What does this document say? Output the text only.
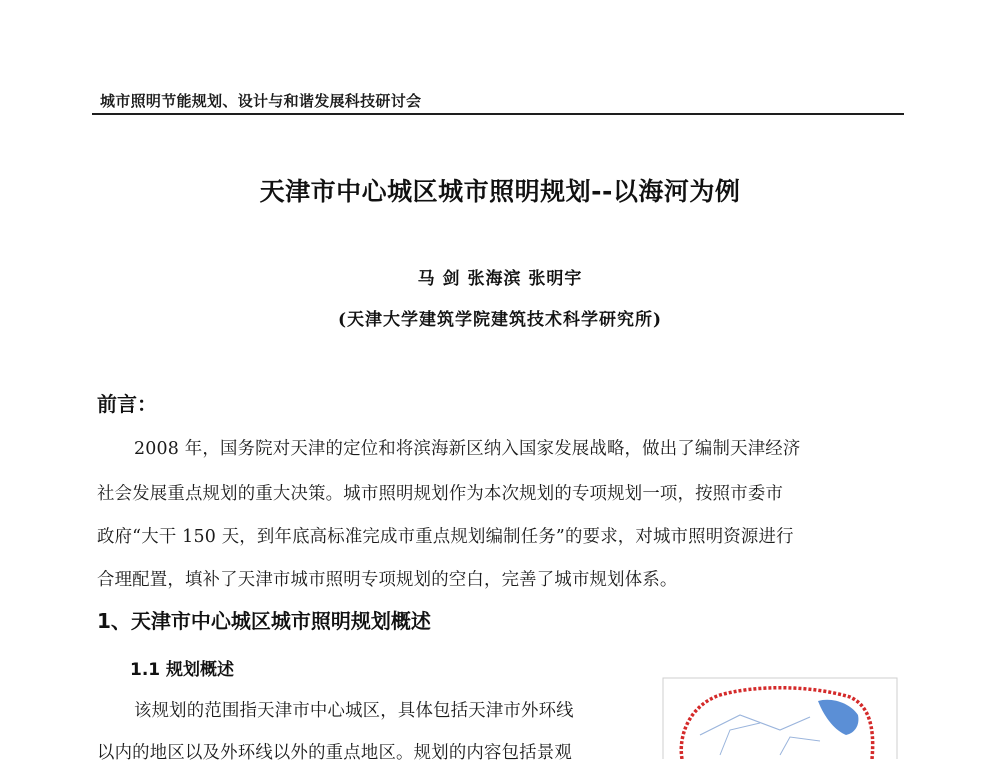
城市照明节能规划、设计与和谐发展科技研讨会
天津市中心城区城市照明规划--以海河为例
马 剑 张海滨 张明宇
(天津大学建筑学院建筑技术科学研究所)
前言：
2008 年，国务院对天津的定位和将滨海新区纳入国家发展战略，做出了编制天津经济
社会发展重点规划的重大决策。城市照明规划作为本次规划的专项规划一项，按照市委市
政府“大干 150 天，到年底高标准完成市重点规划编制任务”的要求，对城市照明资源进行
合理配置，填补了天津市城市照明专项规划的空白，完善了城市规划体系。
1、天津市中心城区城市照明规划概述
1.1 规划概述
该规划的范围指天津市中心城区，具体包括天津市外环线
以内的地区以及外环线以外的重点地区。规划的内容包括景观
